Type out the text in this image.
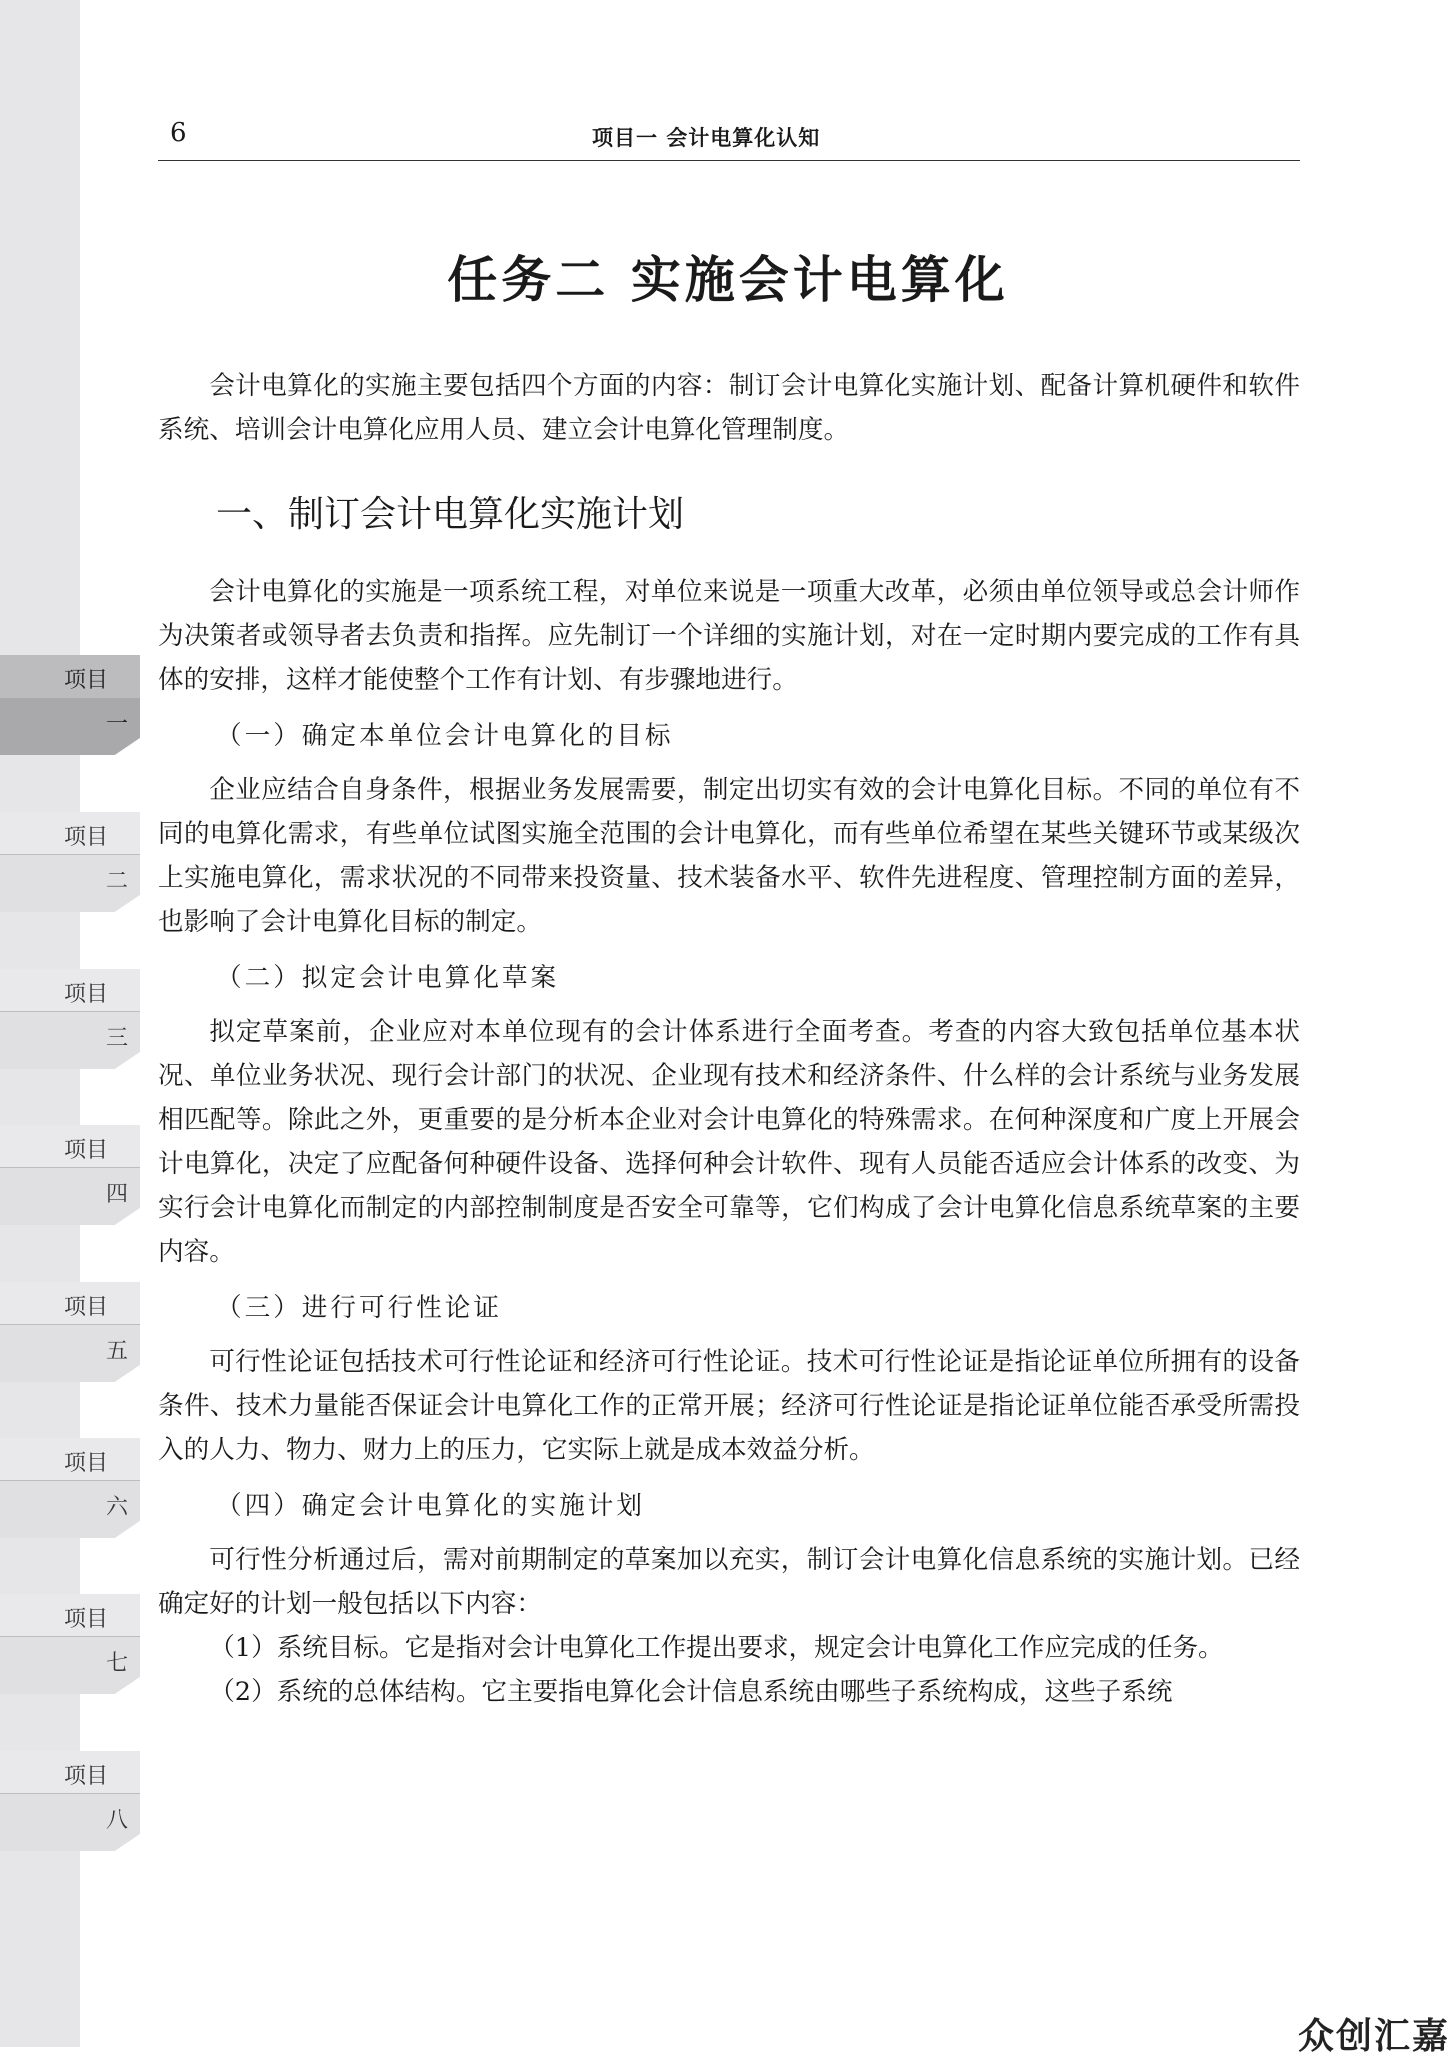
项目
一
项目
二
项目
三
项目
四
项目
五
项目
六
项目
七
项目
八
6	项目一 会计电算化认知
任务二 实施会计电算化

会计电算化的实施主要包括四个方面的内容：制订会计电算化实施计划、配备计算机硬件和软件系统、培训会计电算化应用人员、建立会计电算化管理制度。

一、制订会计电算化实施计划

会计电算化的实施是一项系统工程，对单位来说是一项重大改革，必须由单位领导或总会计师作为决策者或领导者去负责和指挥。应先制订一个详细的实施计划，对在一定时期内要完成的工作有具体的安排，这样才能使整个工作有计划、有步骤地进行。

（一）确定本单位会计电算化的目标

企业应结合自身条件，根据业务发展需要，制定出切实有效的会计电算化目标。不同的单位有不同的电算化需求，有些单位试图实施全范围的会计电算化，而有些单位希望在某些关键环节或某级次上实施电算化，需求状况的不同带来投资量、技术装备水平、软件先进程度、管理控制方面的差异，也影响了会计电算化目标的制定。

（二）拟定会计电算化草案

拟定草案前，企业应对本单位现有的会计体系进行全面考查。考查的内容大致包括单位基本状况、单位业务状况、现行会计部门的状况、企业现有技术和经济条件、什么样的会计系统与业务发展相匹配等。除此之外，更重要的是分析本企业对会计电算化的特殊需求。在何种深度和广度上开展会计电算化，决定了应配备何种硬件设备、选择何种会计软件、现有人员能否适应会计体系的改变、为实行会计电算化而制定的内部控制制度是否安全可靠等，它们构成了会计电算化信息系统草案的主要内容。

（三）进行可行性论证

可行性论证包括技术可行性论证和经济可行性论证。技术可行性论证是指论证单位所拥有的设备条件、技术力量能否保证会计电算化工作的正常开展；经济可行性论证是指论证单位能否承受所需投入的人力、物力、财力上的压力，它实际上就是成本效益分析。

（四）确定会计电算化的实施计划

可行性分析通过后，需对前期制定的草案加以充实，制订会计电算化信息系统的实施计划。已经确定好的计划一般包括以下内容：

（1）系统目标。它是指对会计电算化工作提出要求，规定会计电算化工作应完成的任务。

（2）系统的总体结构。它主要指电算化会计信息系统由哪些子系统构成，这些子系统

众创汇嘉
